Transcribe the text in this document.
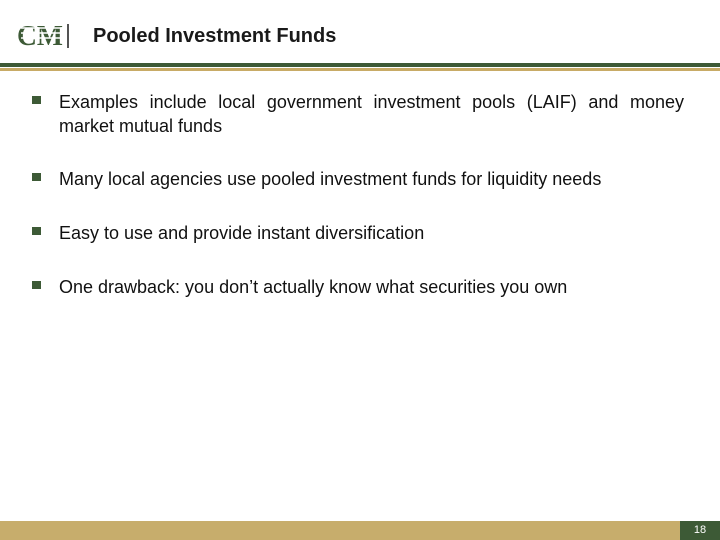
CM Pooled Investment Funds
Examples include local government investment pools (LAIF) and money market mutual funds
Many local agencies use pooled investment funds for liquidity needs
Easy to use and provide instant diversification
One drawback: you don’t actually know what securities you own
18
